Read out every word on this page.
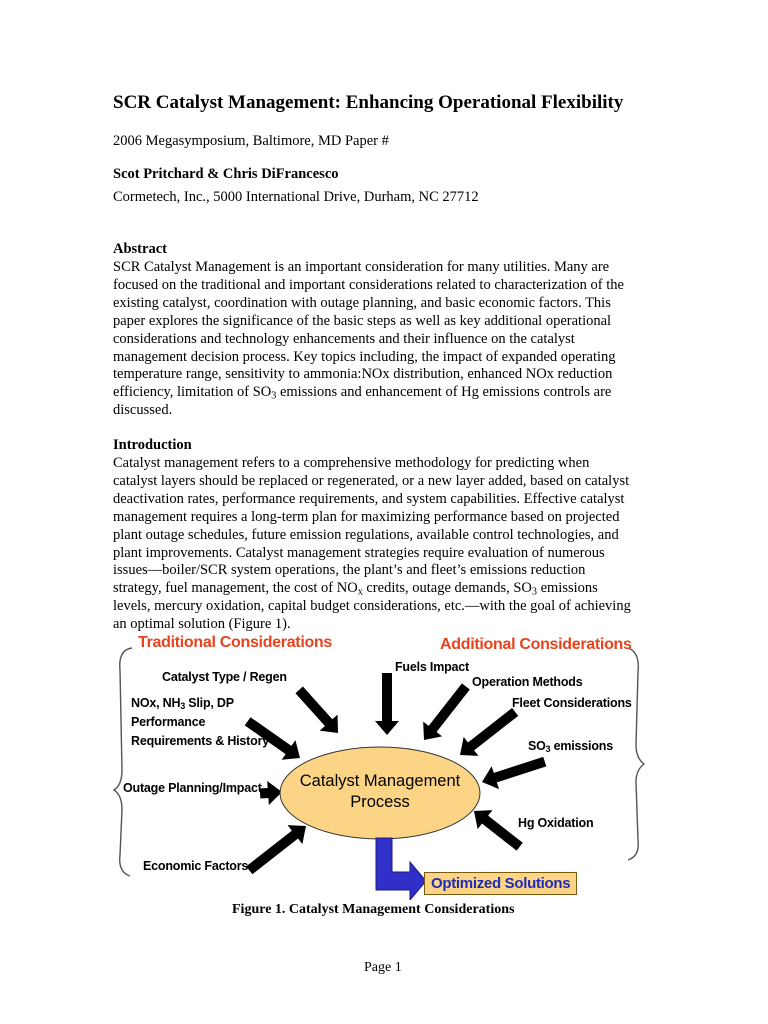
SCR Catalyst Management: Enhancing Operational Flexibility
2006 Megasymposium, Baltimore, MD Paper #
Scot Pritchard & Chris DiFrancesco
Cormetech, Inc., 5000 International Drive, Durham, NC 27712
Abstract
SCR Catalyst Management is an important consideration for many utilities. Many are
focused on the traditional and important considerations related to characterization of the
existing catalyst, coordination with outage planning, and basic economic factors. This
paper explores the significance of the basic steps as well as key additional operational
considerations and technology enhancements and their influence on the catalyst
management decision process. Key topics including, the impact of expanded operating
temperature range, sensitivity to ammonia:NOx distribution, enhanced NOx reduction
efficiency, limitation of $SO_3$ emissions and enhancement of Hg emissions controls are
discussed.
Introduction
Catalyst management refers to a comprehensive methodology for predicting when
catalyst layers should be replaced or regenerated, or a new layer added, based on catalyst
deactivation rates, performance requirements, and system capabilities. Effective catalyst
management requires a long-term plan for maximizing performance based on projected
plant outage schedules, future emission regulations, available control technologies, and
plant improvements. Catalyst management strategies require evaluation of numerous
issues—boiler/SCR system operations, the plant’s and fleet’s emissions reduction
strategy, fuel management, the cost of $NO_x$ credits, outage demands, $SO_3$ emissions
levels, mercury oxidation, capital budget considerations, etc.—with the goal of achieving
an optimal solution (Figure 1).
Traditional Considerations	Additional Considerations
Catalyst Type / Regen
NOx, $NH_3$ Slip, DP
Performance
Requirements & History
Outage Planning/Impact
Economic Factors
Fuels Impact
Operation Methods
Fleet Considerations
$SO_3$ emissions
Hg Oxidation
Catalyst Management
Process
Optimized Solutions
Figure 1. Catalyst Management Considerations
Page 1
